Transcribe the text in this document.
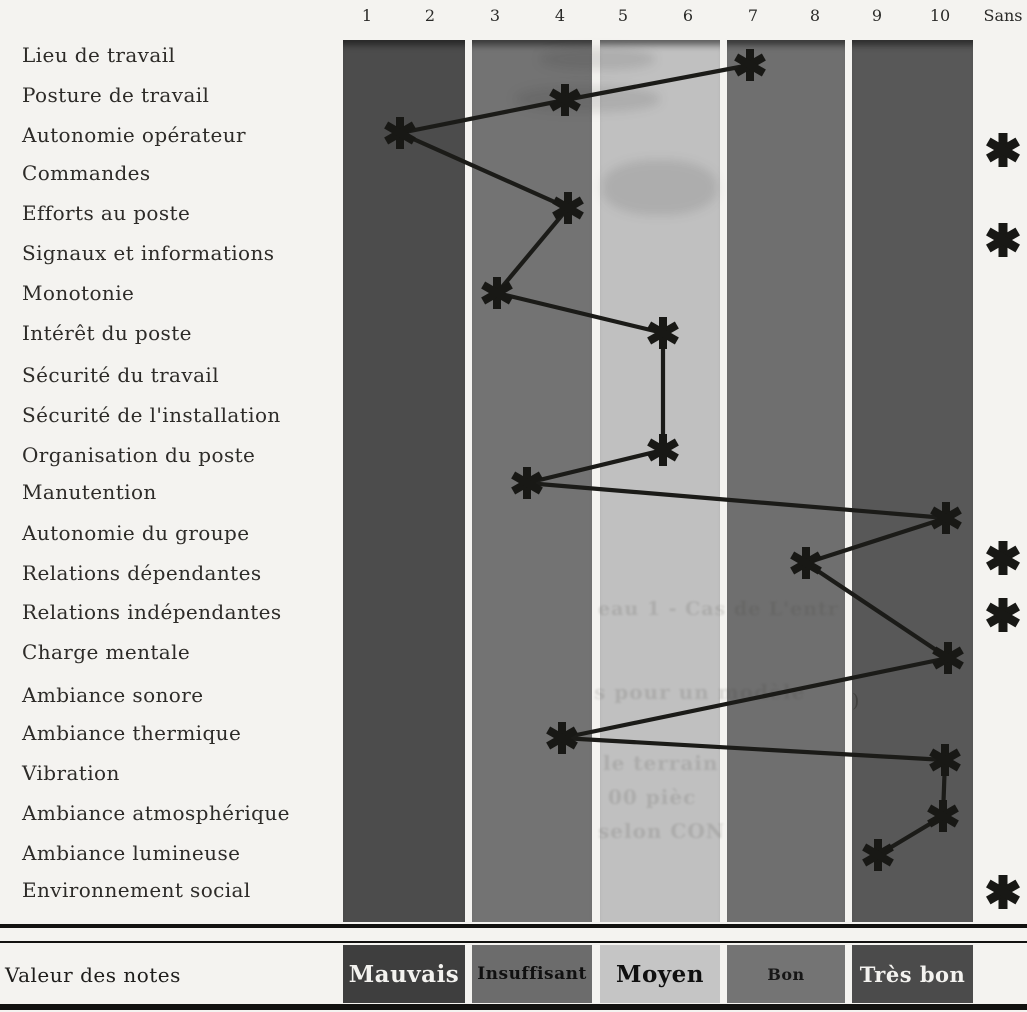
1	2	3	4	5	6	7	8	9	10 Sans
Lieu de travail
Posture de travail
Autonomie opérateur
Commandes
Efforts au poste
Signaux et informations
Monotonie
Intérêt du poste
Sécurité du travail
Sécurité de l'installation
Organisation du poste
Manutention
Autonomie du groupe
Relations dépendantes
Relations indépendantes
Charge mentale
Ambiance sonore
Ambiance thermique
Vibration
Ambiance atmosphérique
Ambiance lumineuse
Environnement social
eau 1 - Cas de L'entr
s pour un modèle
le terrain
00 pièc
selon CON
)
Valeur des notes	Mauvais Insuffisant Moyen	Bon	Très bon
